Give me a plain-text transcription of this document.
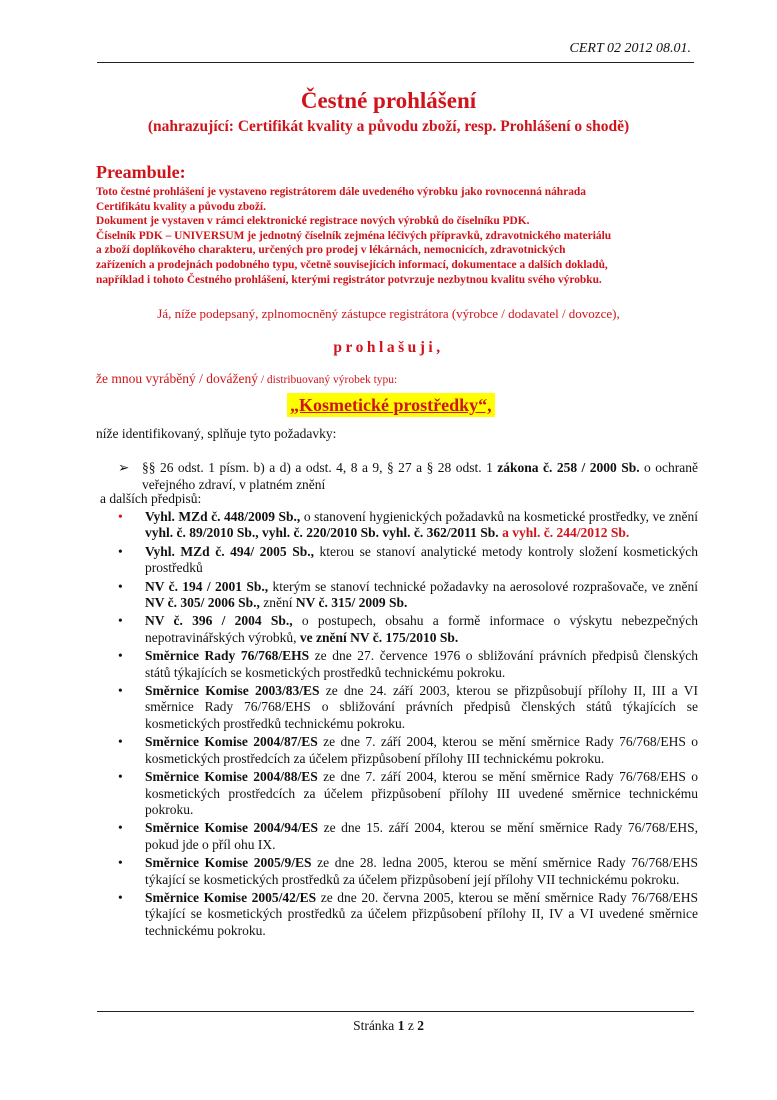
CERT 02 2012 08.01.
Čestné prohlášení
(nahrazující: Certifikát kvality a původu zboží, resp. Prohlášení o shodě)
Preambule:
Toto čestné prohlášení je vystaveno registrátorem dále uvedeného výrobku jako rovnocenná náhrada
Certifikátu kvality a původu zboží.
Dokument je vystaven v rámci elektronické registrace nových výrobků do číselníku PDK.
Číselník PDK – UNIVERSUM je jednotný číselník zejména léčivých přípravků, zdravotnického materiálu
a zboží doplňkového charakteru, určených pro prodej v lékárnách, nemocnicích, zdravotnických
zařízeních a prodejnách podobného typu, včetně souvisejících informací, dokumentace a dalších dokladů,
například i tohoto Čestného prohlášení, kterými registrátor potvrzuje nezbytnou kvalitu svého výrobku.
Já, níže podepsaný, zplnomocněný zástupce registrátora (výrobce / dodavatel / dovozce),
prohlašuji,
že mnou vyráběný / dovážený / distribuovaný výrobek typu:
„Kosmetické prostředky“,
níže identifikovaný, splňuje tyto požadavky:
➢ §§ 26 odst. 1 písm. b) a d) a odst. 4, 8 a 9, § 27 a § 28 odst. 1 zákona č. 258 / 2000 Sb. o ochraně veřejného zdraví, v platném znění
a dalších předpisů:
• Vyhl. MZd č. 448/2009 Sb., o stanovení hygienických požadavků na kosmetické prostředky, ve znění vyhl. č. 89/2010 Sb., vyhl. č. 220/2010 Sb. vyhl. č. 362/2011 Sb. a vyhl. č. 244/2012 Sb.
• Vyhl. MZd č. 494/ 2005 Sb., kterou se stanoví analytické metody kontroly složení kosmetických prostředků
• NV č. 194 / 2001 Sb., kterým se stanoví technické požadavky na aerosolové rozprašovače, ve znění NV č. 305/ 2006 Sb., znění NV č. 315/ 2009 Sb.
• NV č. 396 / 2004 Sb., o postupech, obsahu a formě informace o výskytu nebezpečných nepotravinářských výrobků, ve znění NV č. 175/2010 Sb.
• Směrnice Rady 76/768/EHS ze dne 27. července 1976 o sbližování právních předpisů členských států týkajících se kosmetických prostředků technickému pokroku.
• Směrnice Komise 2003/83/ES ze dne 24. září 2003, kterou se přizpůsobují přílohy II, III a VI směrnice Rady 76/768/EHS o sbližování právních předpisů členských států týkajících se kosmetických prostředků technickému pokroku.
• Směrnice Komise 2004/87/ES ze dne 7. září 2004, kterou se mění směrnice Rady 76/768/EHS o kosmetických prostředcích za účelem přizpůsobení přílohy III technickému pokroku.
• Směrnice Komise 2004/88/ES ze dne 7. září 2004, kterou se mění směrnice Rady 76/768/EHS o kosmetických prostředcích za účelem přizpůsobení přílohy III uvedené směrnice technickému pokroku.
• Směrnice Komise 2004/94/ES ze dne 15. září 2004, kterou se mění směrnice Rady 76/768/EHS, pokud jde o příl ohu IX.
• Směrnice Komise 2005/9/ES ze dne 28. ledna 2005, kterou se mění směrnice Rady 76/768/EHS týkající se kosmetických prostředků za účelem přizpůsobení její přílohy VII technickému pokroku.
• Směrnice Komise 2005/42/ES ze dne 20. června 2005, kterou se mění směrnice Rady 76/768/EHS týkající se kosmetických prostředků za účelem přizpůsobení přílohy II, IV a VI uvedené směrnice technickému pokroku.
Stránka 1 z 2
